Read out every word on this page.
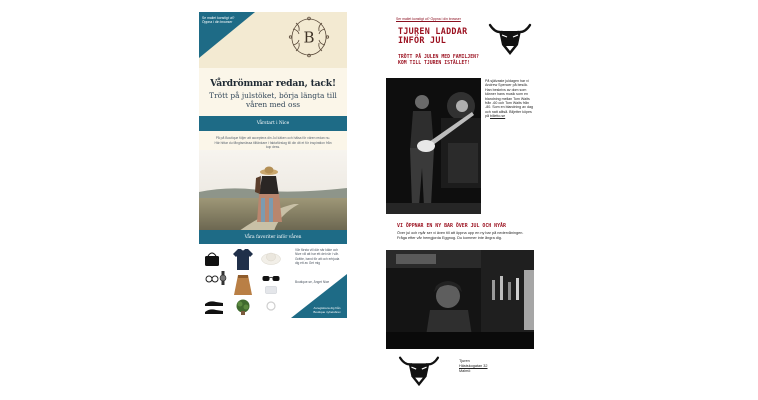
Se mailet konstigt ut? Öppna i din browser
B
Vårdrömmar redan, tack!
Trött på julstöket, börja längta till våren med oss
Vårstart i Nice
På på Boutique följer att acceptera din Jul käken och hälsa för vären redan nu. Här hittar du fångtsmässa tilltänkare i faktaförslag till din dit et för inspiration från kop dess.
Våra favoriter inför våren
Vår första vill där när käke och Nize vill att har ett det när i vår. Grätte, band för att och erbjuda dig ett av Get mig
Boutique.se, Änget Nice
Avregistrera dig från Boutique nyhetsbrev
Ser mailet konstigt ut? Öppna i din browser
TJUREN LADDAR
INFÖR JUL
TRÖTT PÅ JULEN MED FAMILJEN?
KOM TILL TJUREN ISTÄLLET!
På självaste juldagen har vi Andrew Spencer på besök. Han beskrivs av dom som känner hans musik som en blandning mellan Tom Waits från -60 och Tom Waits från -80. Som en blandning av dag och natt alltså. Biljetter köpes på billetto.se
VI ÖPPNAR EN NY BAR ÖVER JUL OCH NYÅR
Över jul och nyår ser vi även till att öppna upp en ny bar på nedervåningen. Fråga efter vår hemgjorda Eggnog. Du kommer inte ångra dig.
Tjuren
Hästskogatan 32
Malmö
